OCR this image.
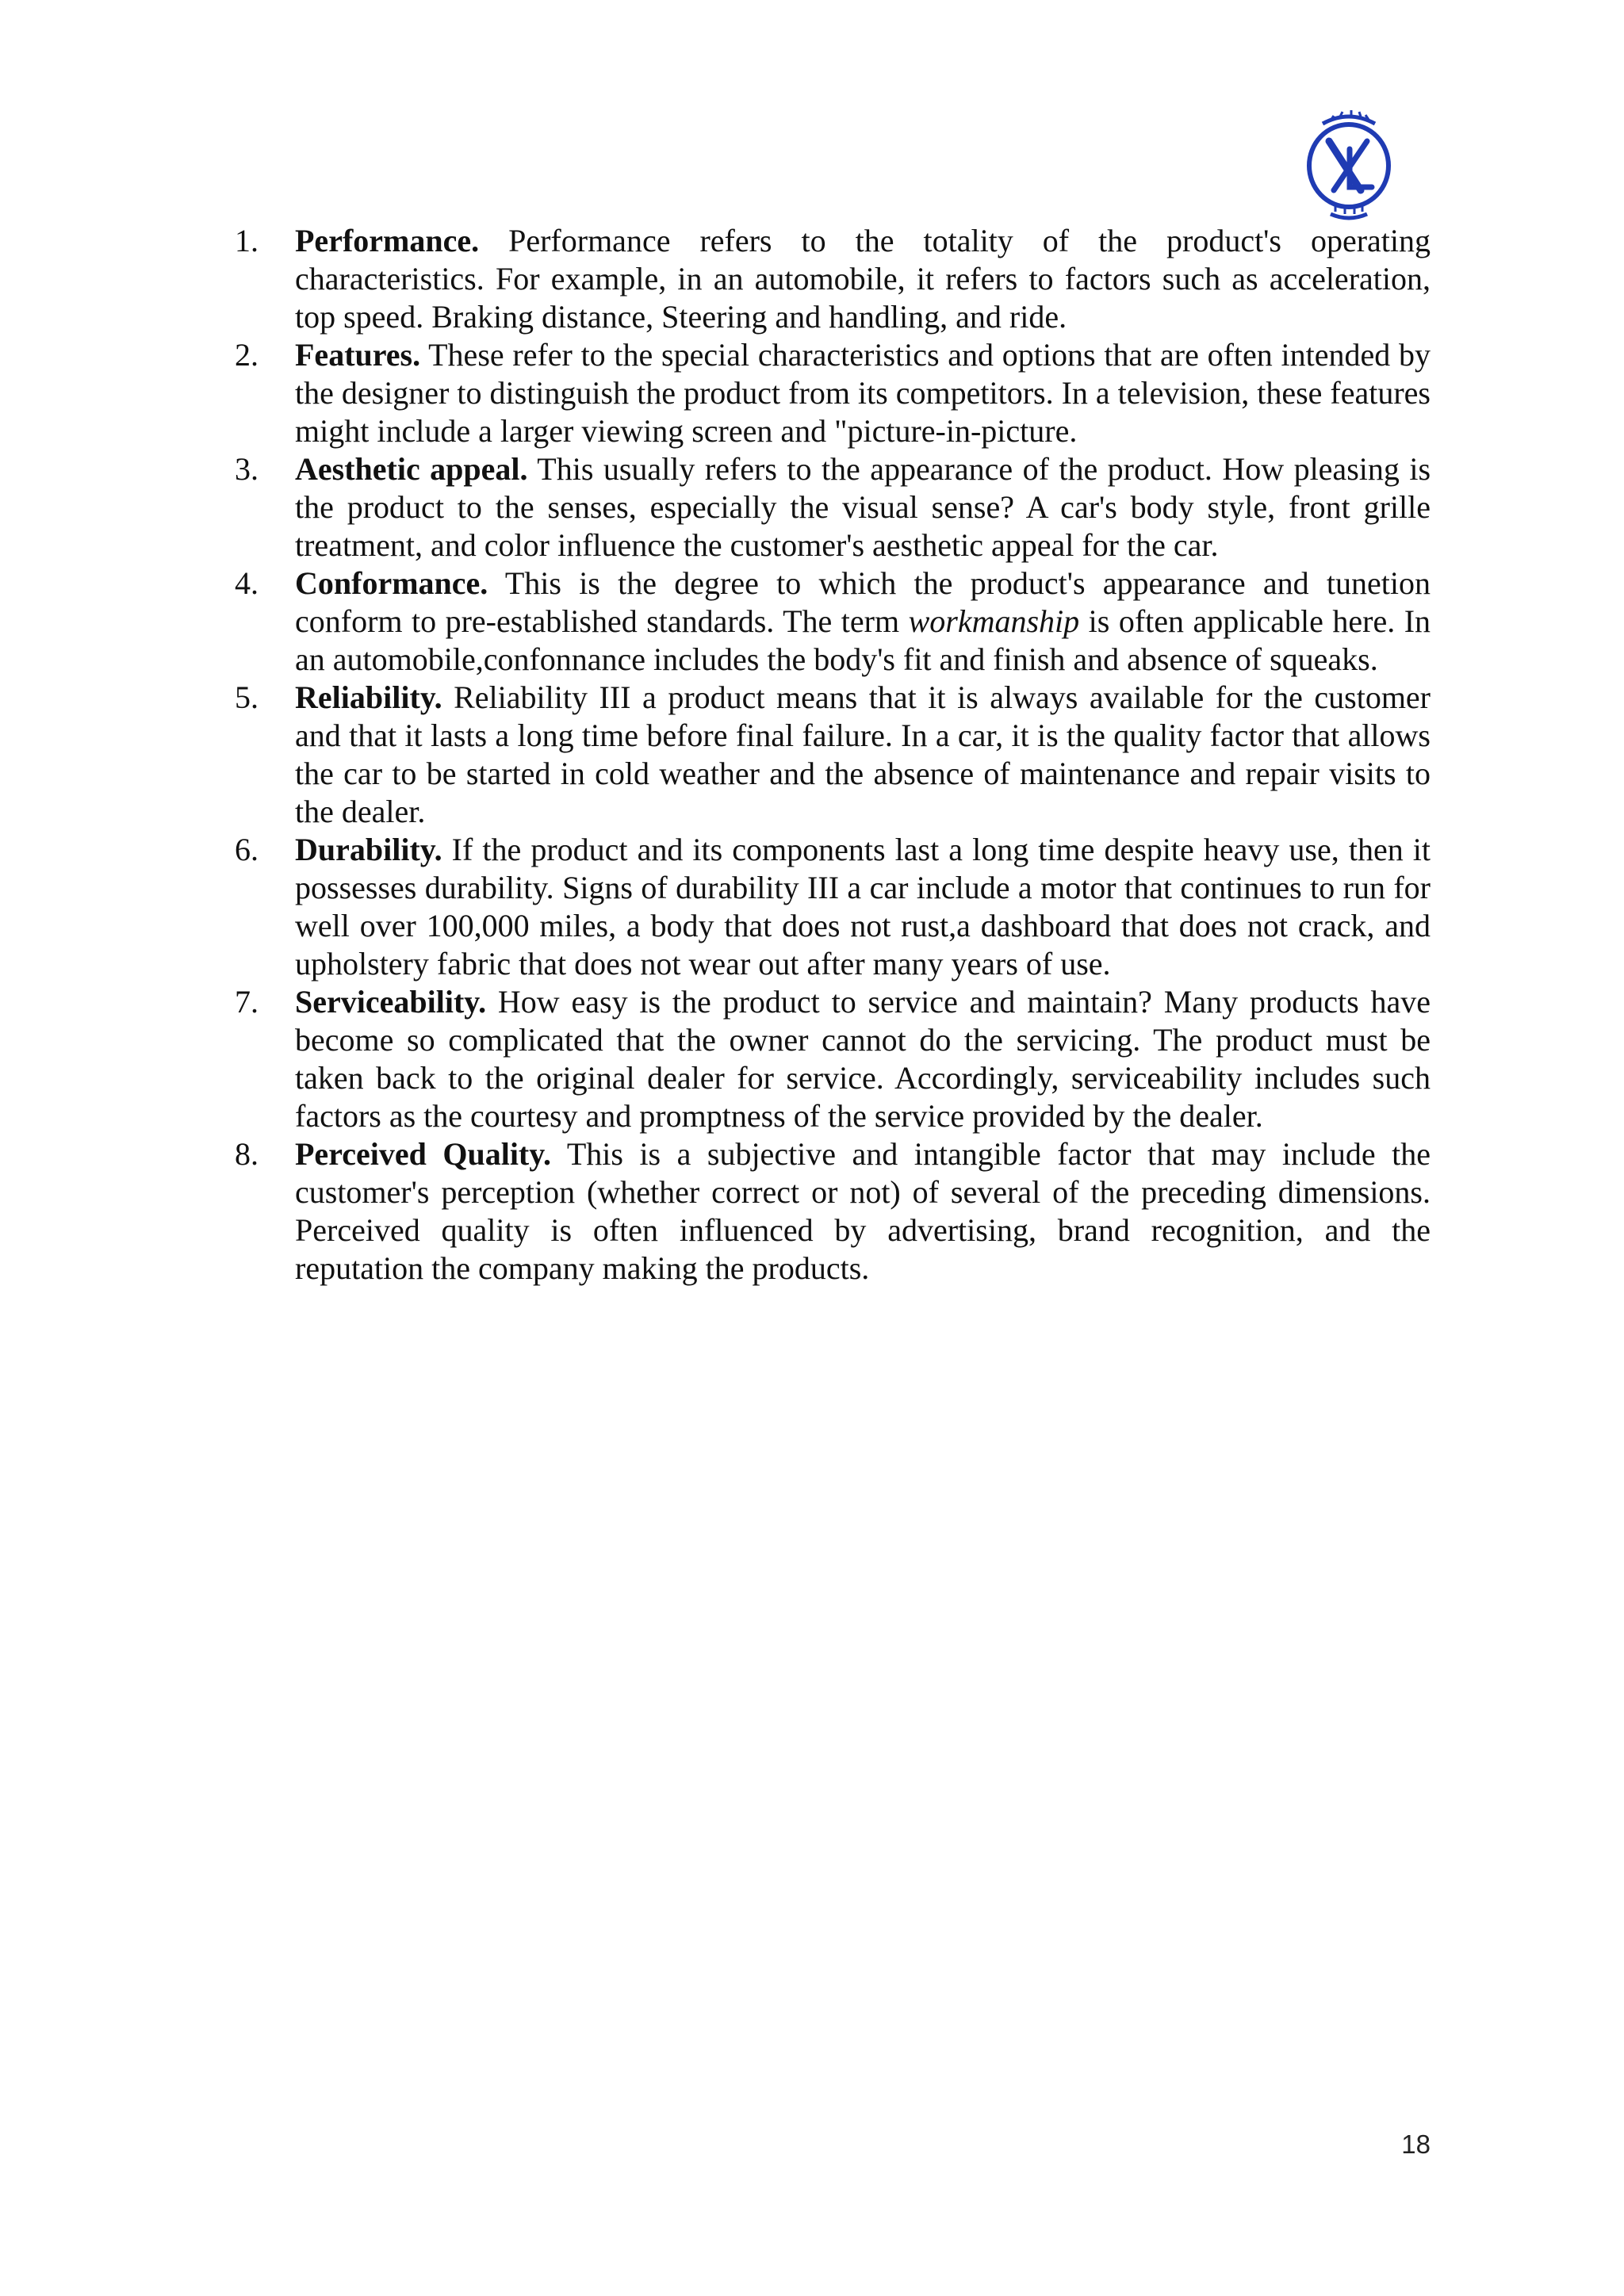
1.	Performance. Performance refers to the totality of the product's operating characteristics. For example, in an automobile, it refers to factors such as acceleration, top speed. Braking distance, Steering and handling, and ride.
2.	Features. These refer to the special characteristics and options that are often intended by the designer to distinguish the product from its competitors. In a television, these features might include a larger viewing screen and "picture-in-picture.
3.	Aesthetic appeal. This usually refers to the appearance of the product. How pleasing is the product to the senses, especially the visual sense? A car's body style, front grille treatment, and color influence the customer's aesthetic appeal for the car.
4.	Conformance. This is the degree to which the product's appearance and tunetion conform to pre-established standards. The term workmanship is often applicable here. In an automobile,confonnance includes the body's fit and finish and absence of squeaks.
5.	Reliability. Reliability III a product means that it is always available for the customer and that it lasts a long time before final failure. In a car, it is the quality factor that allows the car to be started in cold weather and the absence of maintenance and repair visits to the dealer.
6.	Durability. If the product and its components last a long time despite heavy use, then it possesses durability. Signs of durability III a car include a motor that continues to run for well over 100,000 miles, a body that does not rust,a dashboard that does not crack, and upholstery fabric that does not wear out after many years of use.
7.	Serviceability. How easy is the product to service and maintain? Many products have become so complicated that the owner cannot do the servicing. The product must be taken back to the original dealer for service. Accordingly, serviceability includes such factors as the courtesy and promptness of the service provided by the dealer.
8.	Perceived Quality. This is a subjective and intangible factor that may include the customer's perception (whether correct or not) of several of the preceding dimensions. Perceived quality is often influenced by advertising, brand recognition, and the reputation the company making the products.
18
